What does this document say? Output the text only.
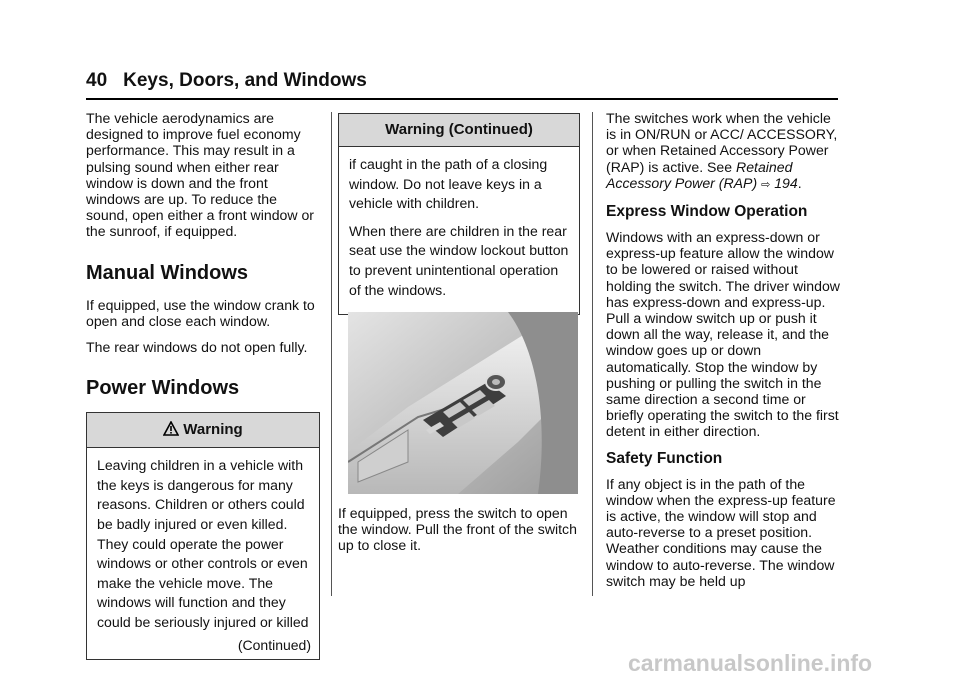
40 Keys, Doors, and Windows

The vehicle aerodynamics are designed to improve fuel economy performance. This may result in a pulsing sound when either rear window is down and the front windows are up. To reduce the sound, open either a front window or the sunroof, if equipped.

Manual Windows

If equipped, use the window crank to open and close each window.

The rear windows do not open fully.

Power Windows
Warning

Leaving children in a vehicle with the keys is dangerous for many reasons. Children or others could be badly injured or even killed. They could operate the power windows or other controls or even make the vehicle move. The windows will function and they could be seriously injured or killed

(Continued)
Warning (Continued)

if caught in the path of a closing window. Do not leave keys in a vehicle with children.

When there are children in the rear seat use the window lockout button to prevent unintentional operation of the windows.

If equipped, press the switch to open the window. Pull the front of the switch up to close it.

The switches work when the vehicle is in ON/RUN or ACC/ ACCESSORY, or when Retained Accessory Power (RAP) is active. See Retained Accessory Power (RAP) ⇨ 194.

Express Window Operation

Windows with an express-down or express-up feature allow the window to be lowered or raised without holding the switch. The driver window has express-down and express-up. Pull a window switch up or push it down all the way, release it, and the window goes up or down automatically. Stop the window by pushing or pulling the switch in the same direction a second time or briefly operating the switch to the first detent in either direction.

Safety Function

If any object is in the path of the window when the express-up feature is active, the window will stop and auto-reverse to a preset position. Weather conditions may cause the window to auto-reverse. The window switch may be held up

carmanualsonline.info
